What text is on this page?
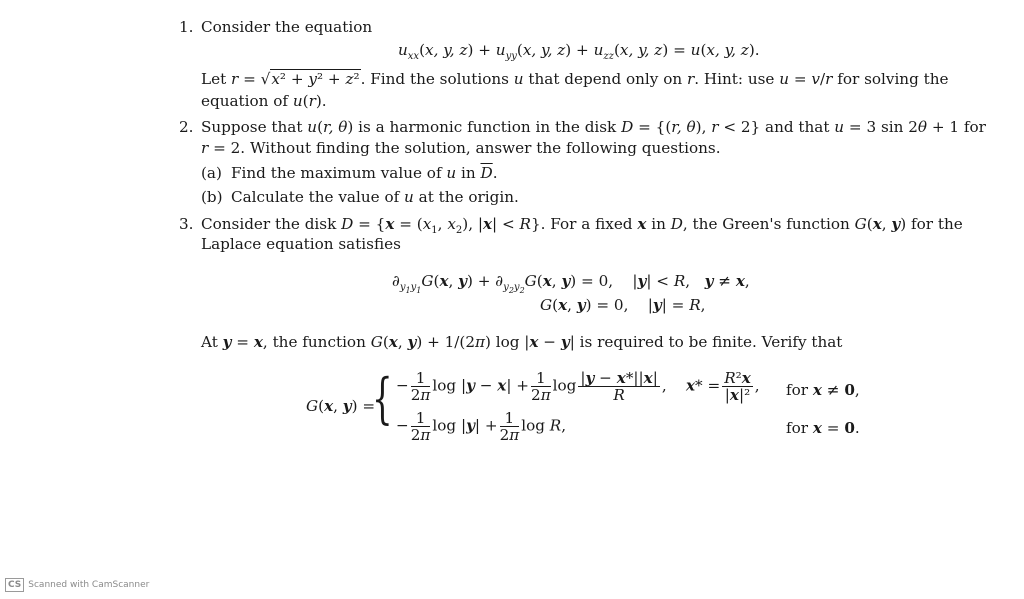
1. Consider the equation
$u_{xx}(x$, y, $z) + u_{yy}(x$, y, $z) + u_{zz}(x$, y, z) = u(x, y, z).
Let r = √x² + y² + z². Find the solutions u that depend only on r. Hint: use u = v/r for solving the
equation of u(r).
2. Suppose that u(r, θ) is a harmonic function in the disk D = {(r, θ), r < 2} and that u = 3 sin 2θ + 1 for
r = 2. Without finding the solution, answer the following questions.
(a) Find the maximum value of u in $\overline{D}$.
(b) Calculate the value of u at the origin.
3. Consider the disk $D = \{x = (x_1$, $x_2$), |x| < R}. For a fixed x in D, the Green's function G(x, y) for the
Laplace equation satisfies
$\partial_{y_1y_1}G(x$, $y) + \partial_{y_2y_2}G(x$, y) = 0,    |y| < R,   y ≠ x,
G(x, y) = 0,    |y| = R,
At y = x, the function G(x, y) + 1/(2π) log |x − y| is required to be finite. Verify that
G(x, y) =
{ − $\frac{1}{2\pi}$ $\log |y - x| + \frac{1}{2\pi}$ $\log \frac{|y - x*||x|}{R}$ ,    $x* = \frac{\text{R²x}}{\text{|x|²}}$ , for x ≠ 0,
− $\frac{1}{2\pi}$ $\log |y| + \frac{1}{2\pi}$ log R,	for x = 0.
CS Scanned with CamScanner
